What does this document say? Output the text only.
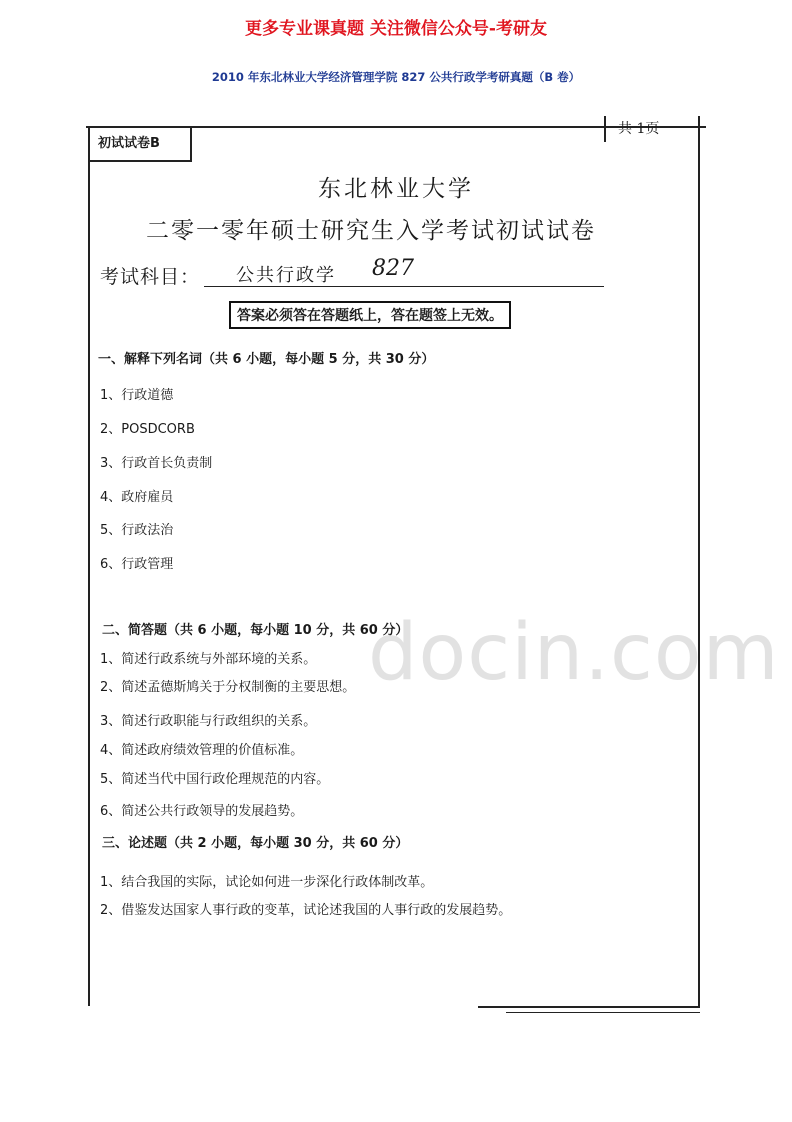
更多专业课真题 关注微信公众号-考研友
2010 年东北林业大学经济管理学院 827 公共行政学考研真题（B 卷）
初试试卷B
共 1页
东北林业大学
二零一零年硕士研究生入学考试初试试卷
考试科目： 公共行政学 827
答案必须答在答题纸上，答在题签上无效。
一、解释下列名词（共 6 小题，每小题 5 分，共 30 分）
1、行政道德
2、POSDCORB
3、行政首长负责制
4、政府雇员
5、行政法治
6、行政管理
二、简答题（共 6 小题，每小题 10 分，共 60 分）
1、简述行政系统与外部环境的关系。
2、简述孟德斯鸠关于分权制衡的主要思想。
3、简述行政职能与行政组织的关系。
4、简述政府绩效管理的价值标准。
5、简述当代中国行政伦理规范的内容。
6、简述公共行政领导的发展趋势。
三、论述题（共 2 小题，每小题 30 分，共 60 分）
1、结合我国的实际，试论如何进一步深化行政体制改革。
2、借鉴发达国家人事行政的变革，试论述我国的人事行政的发展趋势。
docin.com
